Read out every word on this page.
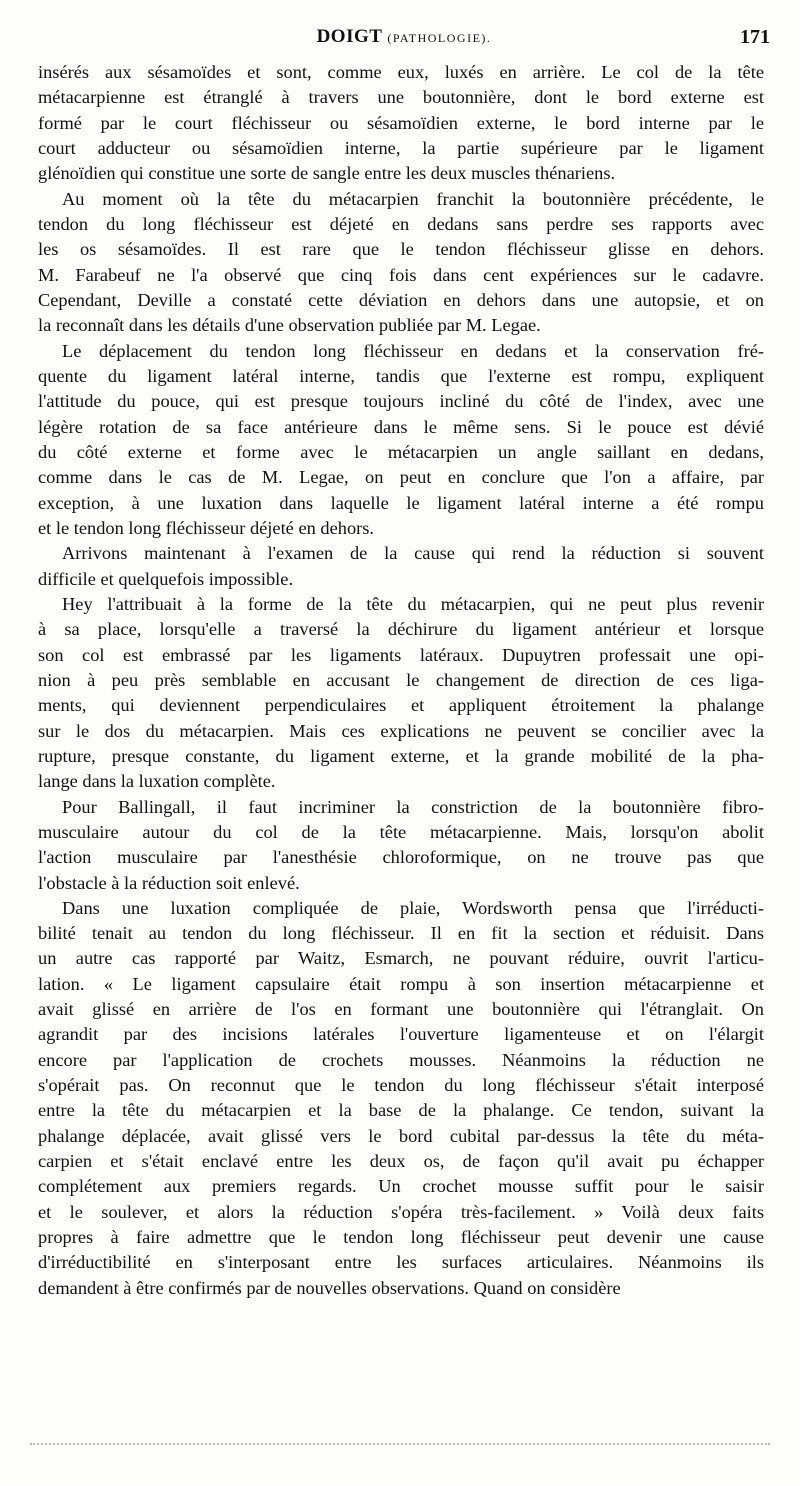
DOIGT (PATHOLOGIE).	171
insérés aux sésamoïdes et sont, comme eux, luxés en arrière. Le col de la tête
métacarpienne est étranglé à travers une boutonnière, dont le bord externe est
formé par le court fléchisseur ou sésamoïdien externe, le bord interne par le
court adducteur ou sésamoïdien interne, la partie supérieure par le ligament
glénoïdien qui constitue une sorte de sangle entre les deux muscles thénariens.
Au moment où la tête du métacarpien franchit la boutonnière précédente, le
tendon du long fléchisseur est déjeté en dedans sans perdre ses rapports avec
les os sésamoïdes. Il est rare que le tendon fléchisseur glisse en dehors.
M. Farabeuf ne l'a observé que cinq fois dans cent expériences sur le cadavre.
Cependant, Deville a constaté cette déviation en dehors dans une autopsie, et on
la reconnaît dans les détails d'une observation publiée par M. Legae.
Le déplacement du tendon long fléchisseur en dedans et la conservation fré-
quente du ligament latéral interne, tandis que l'externe est rompu, expliquent
l'attitude du pouce, qui est presque toujours incliné du côté de l'index, avec une
légère rotation de sa face antérieure dans le même sens. Si le pouce est dévié
du côté externe et forme avec le métacarpien un angle saillant en dedans,
comme dans le cas de M. Legae, on peut en conclure que l'on a affaire, par
exception, à une luxation dans laquelle le ligament latéral interne a été rompu
et le tendon long fléchisseur déjeté en dehors.
Arrivons maintenant à l'examen de la cause qui rend la réduction si souvent
difficile et quelquefois impossible.
Hey l'attribuait à la forme de la tête du métacarpien, qui ne peut plus revenir
à sa place, lorsqu'elle a traversé la déchirure du ligament antérieur et lorsque
son col est embrassé par les ligaments latéraux. Dupuytren professait une opi-
nion à peu près semblable en accusant le changement de direction de ces liga-
ments, qui deviennent perpendiculaires et appliquent étroitement la phalange
sur le dos du métacarpien. Mais ces explications ne peuvent se concilier avec la
rupture, presque constante, du ligament externe, et la grande mobilité de la pha-
lange dans la luxation complète.
Pour Ballingall, il faut incriminer la constriction de la boutonnière fibro-
musculaire autour du col de la tête métacarpienne. Mais, lorsqu'on abolit
l'action musculaire par l'anesthésie chloroformique, on ne trouve pas que
l'obstacle à la réduction soit enlevé.
Dans une luxation compliquée de plaie, Wordsworth pensa que l'irréducti-
bilité tenait au tendon du long fléchisseur. Il en fit la section et réduisit. Dans
un autre cas rapporté par Waitz, Esmarch, ne pouvant réduire, ouvrit l'articu-
lation. « Le ligament capsulaire était rompu à son insertion métacarpienne et
avait glissé en arrière de l'os en formant une boutonnière qui l'étranglait. On
agrandit par des incisions latérales l'ouverture ligamenteuse et on l'élargit
encore par l'application de crochets mousses. Néanmoins la réduction ne
s'opérait pas. On reconnut que le tendon du long fléchisseur s'était interposé
entre la tête du métacarpien et la base de la phalange. Ce tendon, suivant la
phalange déplacée, avait glissé vers le bord cubital par-dessus la tête du méta-
carpien et s'était enclavé entre les deux os, de façon qu'il avait pu échapper
complétement aux premiers regards. Un crochet mousse suffit pour le saisir
et le soulever, et alors la réduction s'opéra très-facilement. » Voilà deux faits
propres à faire admettre que le tendon long fléchisseur peut devenir une cause
d'irréductibilité en s'interposant entre les surfaces articulaires. Néanmoins ils
demandent à être confirmés par de nouvelles observations. Quand on considère
